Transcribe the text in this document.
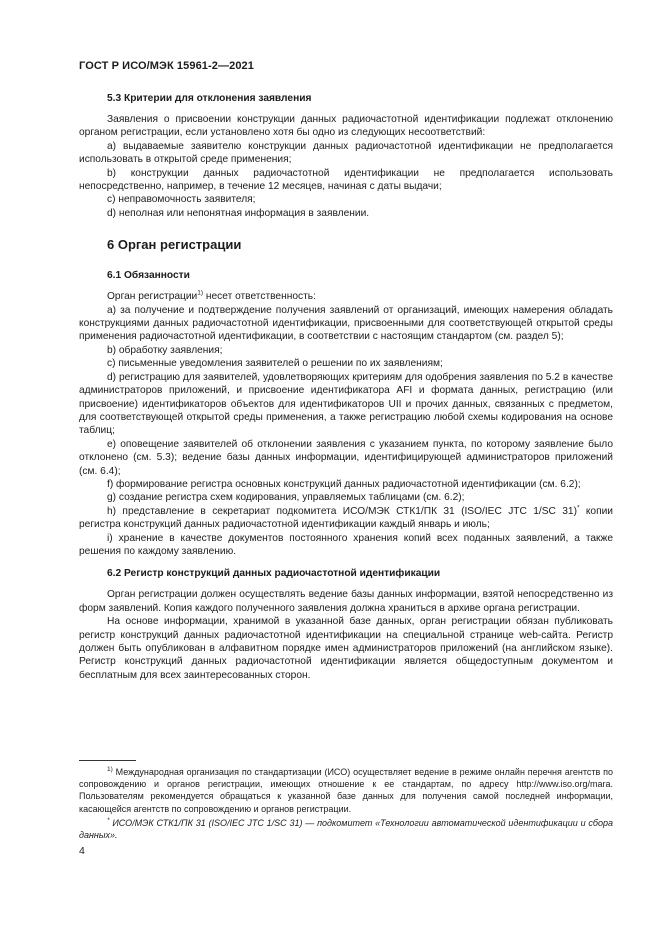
ГОСТ Р ИСО/МЭК 15961-2—2021

5.3 Критерии для отклонения заявления

Заявления о присвоении конструкции данных радиочастотной идентификации подлежат отклонению органом регистрации, если установлено хотя бы одно из следующих несоответствий:

a) выдаваемые заявителю конструкции данных радиочастотной идентификации не предполагается использовать в открытой среде применения;

b) конструкции данных радиочастотной идентификации не предполагается использовать непосредственно, например, в течение 12 месяцев, начиная с даты выдачи;

c) неправомочность заявителя;

d) неполная или непонятная информация в заявлении.

6 Орган регистрации

6.1 Обязанности

Орган регистрации$^{1)}$ несет ответственность:

a) за получение и подтверждение получения заявлений от организаций, имеющих намерения обладать конструкциями данных радиочастотной идентификации, присвоенными для соответствующей открытой среды применения радиочастотной идентификации, в соответствии с настоящим стандартом (см. раздел 5);

b) обработку заявления;

c) письменные уведомления заявителей о решении по их заявлениям;

d) регистрацию для заявителей, удовлетворяющих критериям для одобрения заявления по 5.2 в качестве администраторов приложений, и присвоение идентификатора AFI и формата данных, регистрацию (или присвоение) идентификаторов объектов для идентификаторов UII и прочих данных, связанных с предметом, для соответствующей открытой среды применения, а также регистрацию любой схемы кодирования на основе таблиц;

e) оповещение заявителей об отклонении заявления с указанием пункта, по которому заявление было отклонено (см. 5.3); ведение базы данных информации, идентифицирующей администраторов приложений (см. 6.4);

f) формирование регистра основных конструкций данных радиочастотной идентификации (см. 6.2);

g) создание регистра схем кодирования, управляемых таблицами (см. 6.2);

h) представление в секретариат подкомитета ИСО/МЭК СТК1/ПК 31 (ISO/IEC JTC 1/SC 31)* копии регистра конструкций данных радиочастотной идентификации каждый январь и июль;

i) хранение в качестве документов постоянного хранения копий всех поданных заявлений, а также решения по каждому заявлению.

6.2 Регистр конструкций данных радиочастотной идентификации

Орган регистрации должен осуществлять ведение базы данных информации, взятой непосредственно из форм заявлений. Копия каждого полученного заявления должна храниться в архиве органа регистрации.

На основе информации, хранимой в указанной базе данных, орган регистрации обязан публиковать регистр конструкций данных радиочастотной идентификации на специальной странице web-сайта. Регистр должен быть опубликован в алфавитном порядке имен администраторов приложений (на английском языке). Регистр конструкций данных радиочастотной идентификации является общедоступным документом и бесплатным для всех заинтересованных сторон.

$^{1)}$ Международная организация по стандартизации (ИСО) осуществляет ведение в режиме онлайн перечня агентств по сопровождению и органов регистрации, имеющих отношение к ее стандартам, по адресу http://www.iso.org/mara. Пользователям рекомендуется обращаться к указанной базе данных для получения самой последней информации, касающейся агентств по сопровождению и органов регистрации.

* ИСО/МЭК СТК1/ПК 31 (ISO/IEC JTC 1/SC 31) — подкомитет «Технологии автоматической идентификации и сбора данных».

4
